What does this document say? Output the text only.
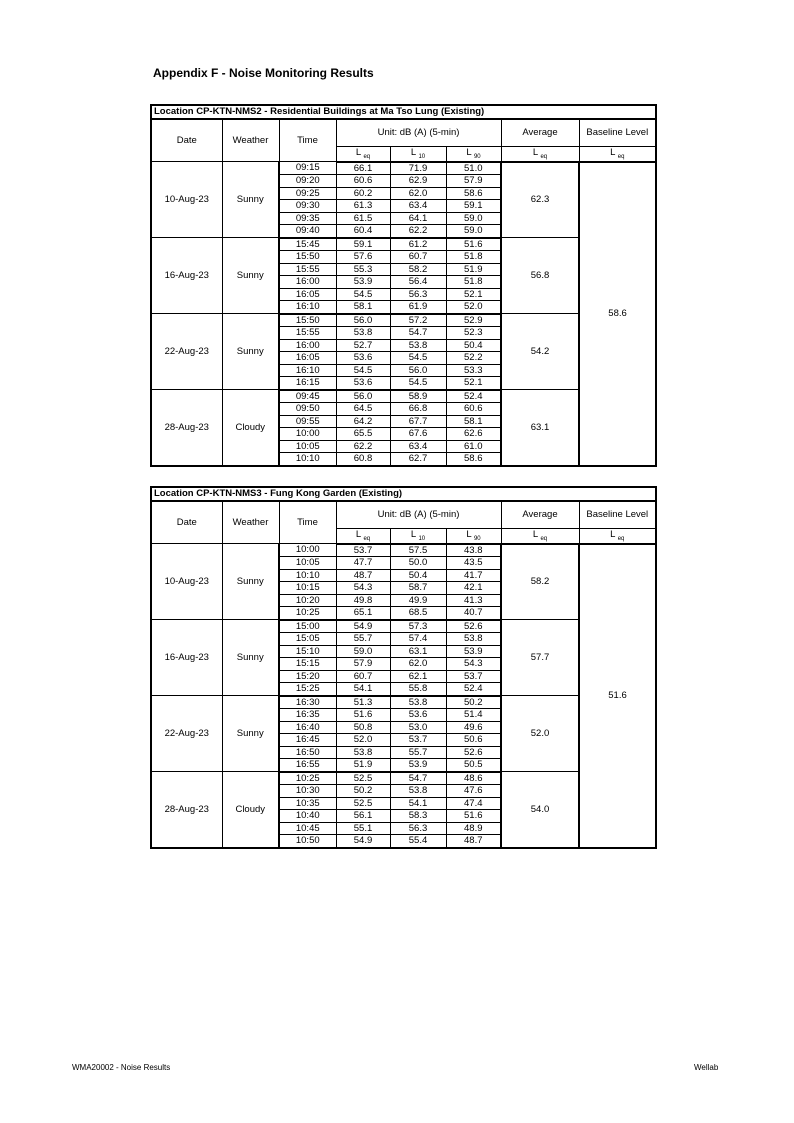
Appendix F - Noise Monitoring Results
Location CP-KTN-NMS2 - Residential Buildings at Ma Tso Lung (Existing)							
Date	Weather	Time	Unit: dB (A) (5-min)			Average	Baseline Level
			L $_{eq}$	L $_{10}$	L $_{90}$	L $_{eq}$	L $_{eq}$
10-Aug-23	Sunny	09:15	66.1	71.9	51.0	62.3	58.6
		09:20	60.6	62.9	57.9		
		09:25	60.2	62.0	58.6		
		09:30	61.3	63.4	59.1		
		09:35	61.5	64.1	59.0		
		09:40	60.4	62.2	59.0		
16-Aug-23	Sunny	15:45	59.1	61.2	51.6	56.8	
		15:50	57.6	60.7	51.8		
		15:55	55.3	58.2	51.9		
		16:00	53.9	56.4	51.8		
		16:05	54.5	56.3	52.1		
		16:10	58.1	61.9	52.0		
22-Aug-23	Sunny	15:50	56.0	57.2	52.9	54.2	
		15:55	53.8	54.7	52.3		
		16:00	52.7	53.8	50.4		
		16:05	53.6	54.5	52.2		
		16:10	54.5	56.0	53.3		
		16:15	53.6	54.5	52.1		
28-Aug-23	Cloudy	09:45	56.0	58.9	52.4	63.1	
		09:50	64.5	66.8	60.6		
		09:55	64.2	67.7	58.1		
		10:00	65.5	67.6	62.6		
		10:05	62.2	63.4	61.0		
		10:10	60.8	62.7	58.6		
Location CP-KTN-NMS3 - Fung Kong Garden (Existing)							
Date	Weather	Time	Unit: dB (A) (5-min)			Average	Baseline Level
			L $_{eq}$	L $_{10}$	L $_{90}$	L $_{eq}$	L $_{eq}$
10-Aug-23	Sunny	10:00	53.7	57.5	43.8	58.2	51.6
		10:05	47.7	50.0	43.5		
		10:10	48.7	50.4	41.7		
		10:15	54.3	58.7	42.1		
		10:20	49.8	49.9	41.3		
		10:25	65.1	68.5	40.7		
16-Aug-23	Sunny	15:00	54.9	57.3	52.6	57.7	
		15:05	55.7	57.4	53.8		
		15:10	59.0	63.1	53.9		
		15:15	57.9	62.0	54.3		
		15:20	60.7	62.1	53.7		
		15:25	54.1	55.8	52.4		
22-Aug-23	Sunny	16:30	51.3	53.8	50.2	52.0	
		16:35	51.6	53.6	51.4		
		16:40	50.8	53.0	49.6		
		16:45	52.0	53.7	50.6		
		16:50	53.8	55.7	52.6		
		16:55	51.9	53.9	50.5		
28-Aug-23	Cloudy	10:25	52.5	54.7	48.6	54.0	
		10:30	50.2	53.8	47.6		
		10:35	52.5	54.1	47.4		
		10:40	56.1	58.3	51.6		
		10:45	55.1	56.3	48.9		
		10:50	54.9	55.4	48.7		
WMA20002 - Noise Results	Wellab
